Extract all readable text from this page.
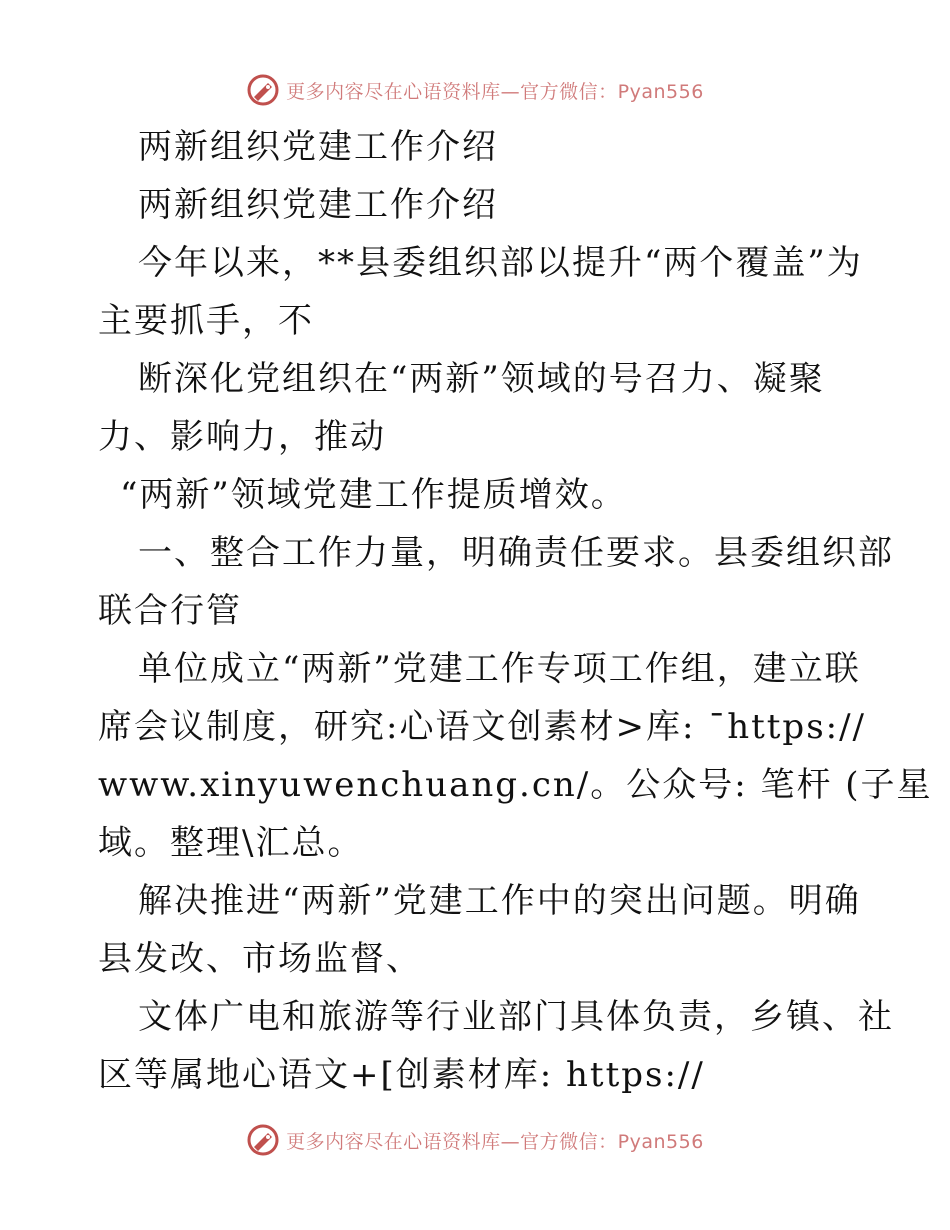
更多内容尽在心语资料库—官方微信：Pyan556
两新组织党建工作介绍
两新组织党建工作介绍
今年以来，**县委组织部以提升“两个覆盖”为
主要抓手，不
断深化党组织在“两新”领域的号召力、凝聚
力、影响力，推动
“两新”领域党建工作提质增效。
一、整合工作力量，明确责任要求。县委组织部
联合行管
单位成立“两新”党建工作专项工作组，建立联
席会议制度，研究:心语文创素材>库: ¯https://
www.xinyuwenchuang.cn/。公众号: 笔杆 (子星
域。整理\汇总。
解决推进“两新”党建工作中的突出问题。明确
县发改、市场监督、
文体广电和旅游等行业部门具体负责，乡镇、社
区等属地心语文+[创素材库: https://
更多内容尽在心语资料库—官方微信：Pyan556
